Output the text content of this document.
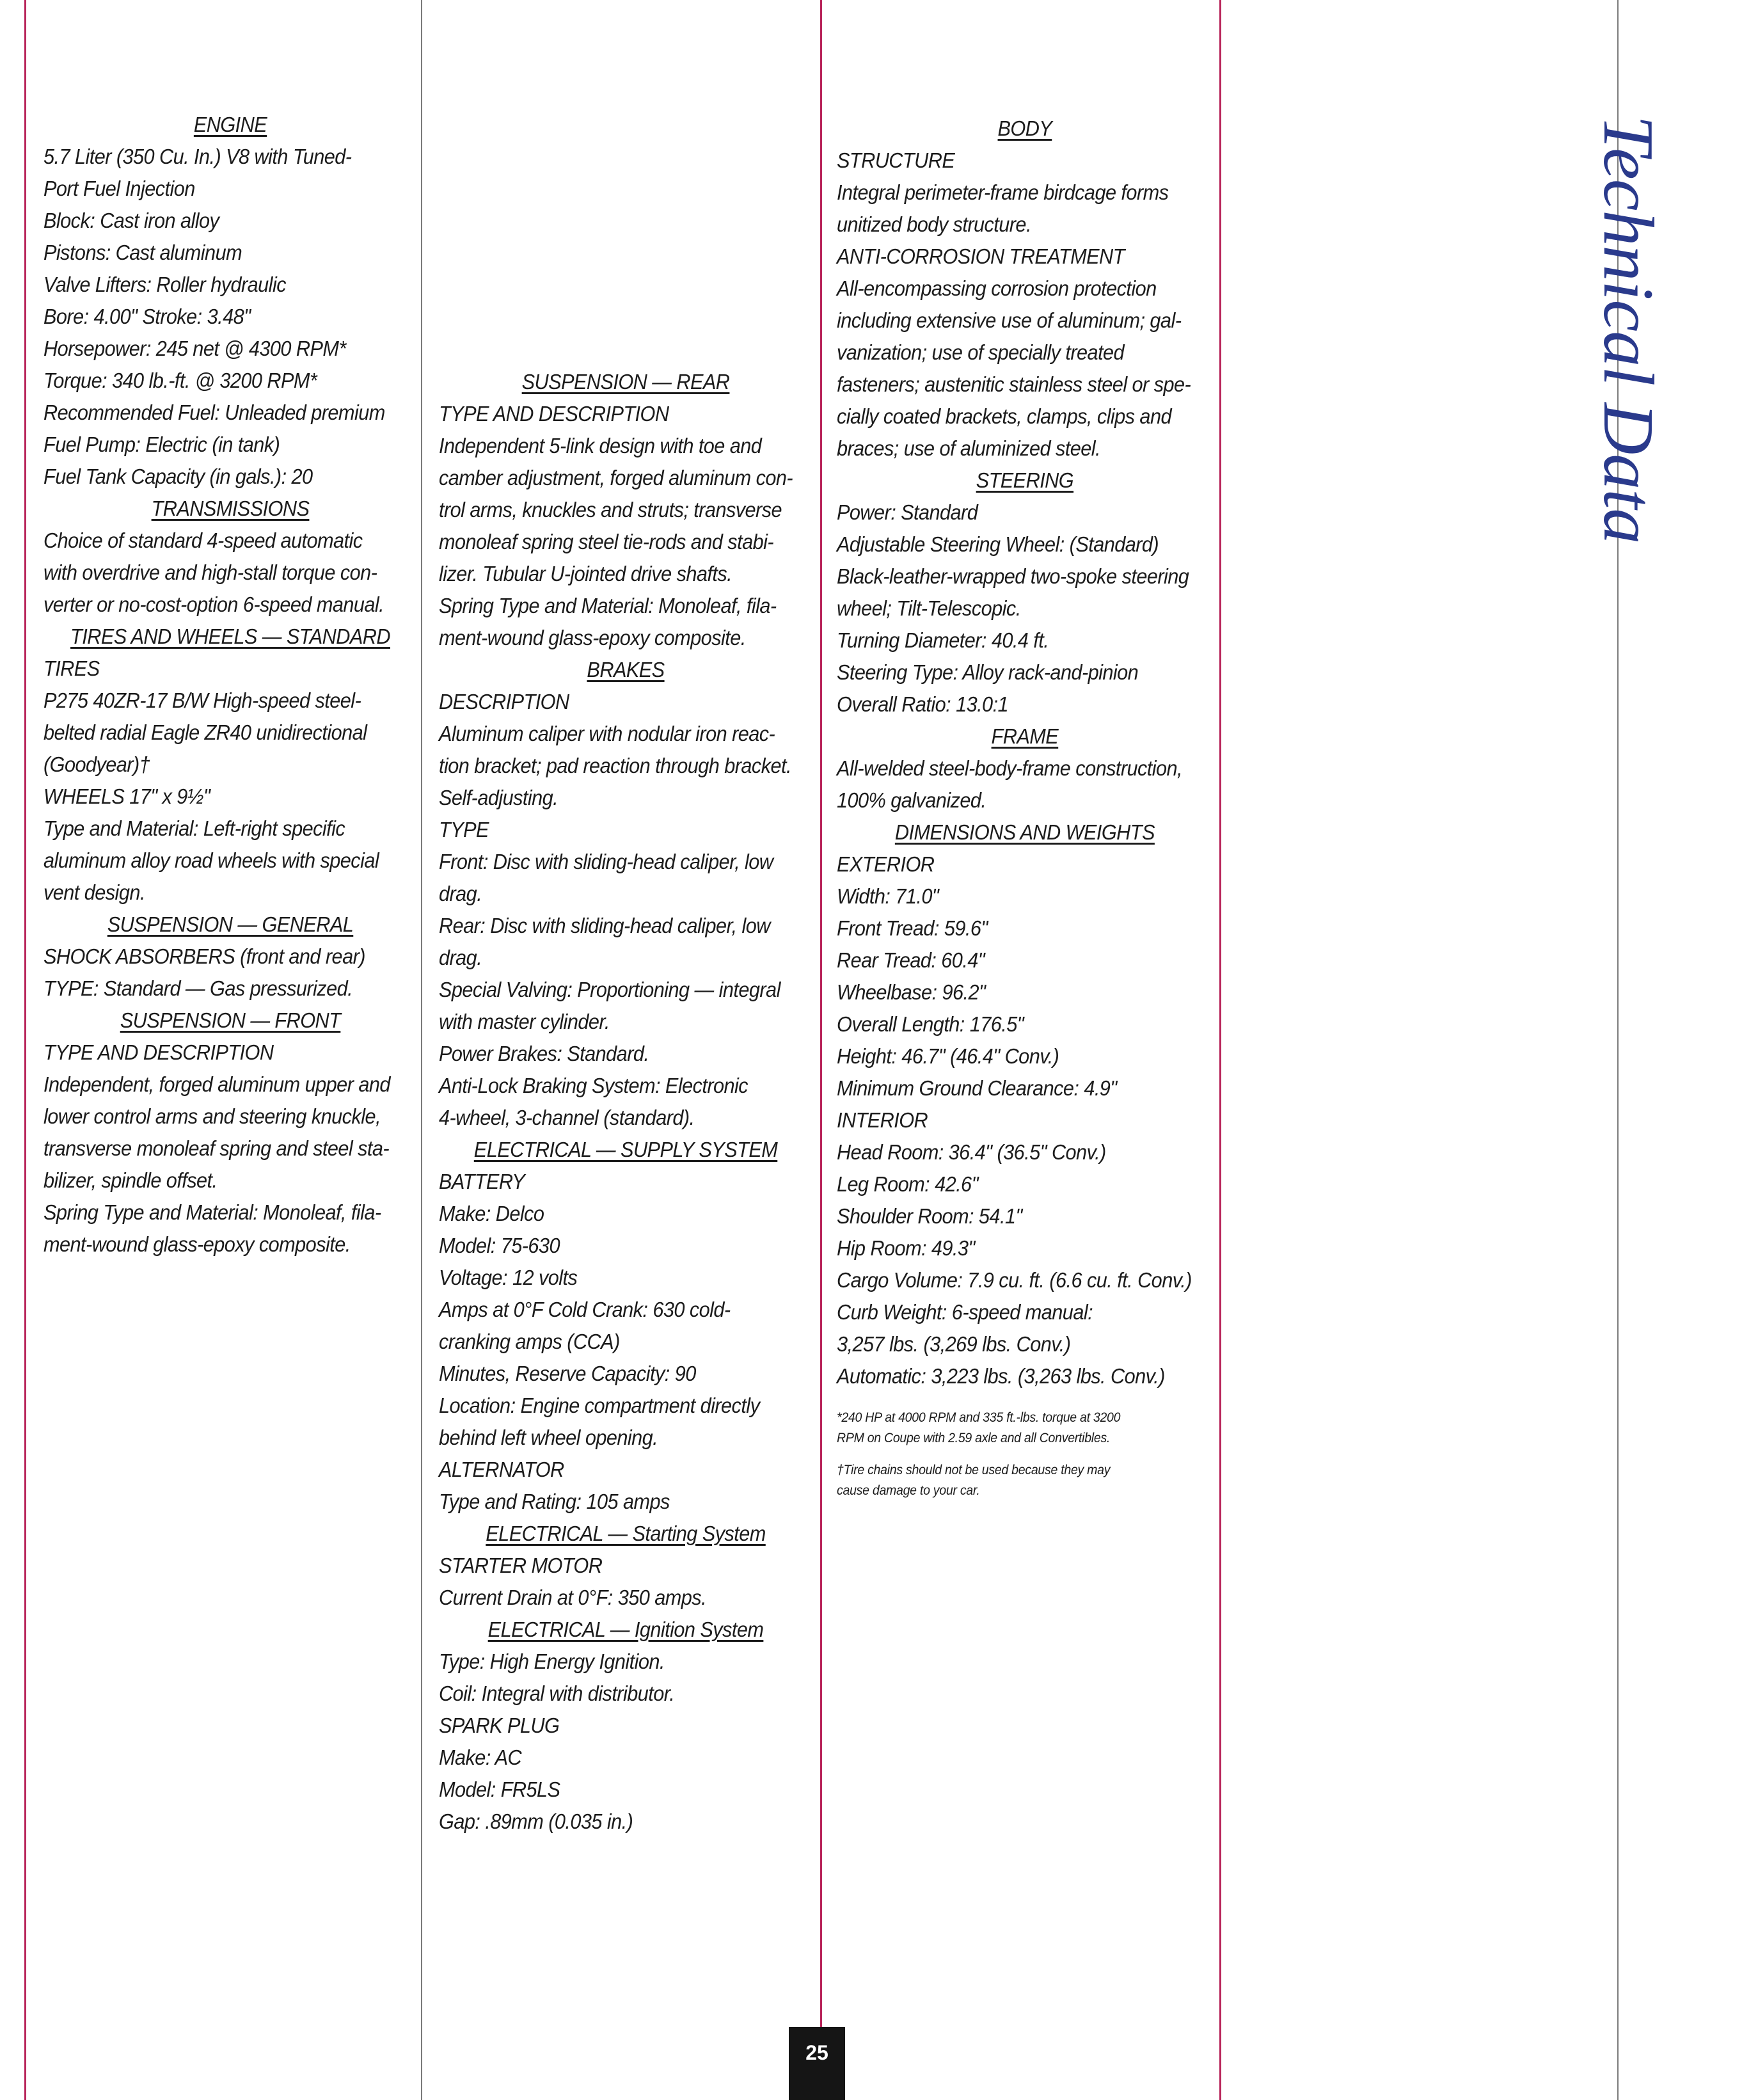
ENGINE
5.7 Liter (350 Cu. In.) V8 with Tuned-
Port Fuel Injection
Block: Cast iron alloy
Pistons: Cast aluminum
Valve Lifters: Roller hydraulic
Bore: 4.00" Stroke: 3.48"
Horsepower: 245 net @ 4300 RPM*
Torque: 340 lb.-ft. @ 3200 RPM*
Recommended Fuel: Unleaded premium
Fuel Pump: Electric (in tank)
Fuel Tank Capacity (in gals.): 20
TRANSMISSIONS
Choice of standard 4-speed automatic
with overdrive and high-stall torque con-
verter or no-cost-option 6-speed manual.
TIRES AND WHEELS — STANDARD
TIRES
P275 40ZR-17 B/W High-speed steel-
belted radial Eagle ZR40 unidirectional
(Goodyear)†
WHEELS 17" x 9½"
Type and Material: Left-right specific
aluminum alloy road wheels with special
vent design.
SUSPENSION — GENERAL
SHOCK ABSORBERS (front and rear)
TYPE: Standard — Gas pressurized.
SUSPENSION — FRONT
TYPE AND DESCRIPTION
Independent, forged aluminum upper and
lower control arms and steering knuckle,
transverse monoleaf spring and steel sta-
bilizer, spindle offset.
Spring Type and Material: Monoleaf, fila-
ment-wound glass-epoxy composite.
SUSPENSION — REAR
TYPE AND DESCRIPTION
Independent 5-link design with toe and
camber adjustment, forged aluminum con-
trol arms, knuckles and struts; transverse
monoleaf spring steel tie-rods and stabi-
lizer. Tubular U-jointed drive shafts.
Spring Type and Material: Monoleaf, fila-
ment-wound glass-epoxy composite.
BRAKES
DESCRIPTION
Aluminum caliper with nodular iron reac-
tion bracket; pad reaction through bracket.
Self-adjusting.
TYPE
Front: Disc with sliding-head caliper, low
drag.
Rear: Disc with sliding-head caliper, low
drag.
Special Valving: Proportioning — integral
with master cylinder.
Power Brakes: Standard.
Anti-Lock Braking System: Electronic
4-wheel, 3-channel (standard).
ELECTRICAL — SUPPLY SYSTEM
BATTERY
Make: Delco
Model: 75-630
Voltage: 12 volts
Amps at 0°F Cold Crank: 630 cold-
cranking amps (CCA)
Minutes, Reserve Capacity: 90
Location: Engine compartment directly
behind left wheel opening.
ALTERNATOR
Type and Rating: 105 amps
ELECTRICAL — Starting System
STARTER MOTOR
Current Drain at 0°F: 350 amps.
ELECTRICAL — Ignition System
Type: High Energy Ignition.
Coil: Integral with distributor.
SPARK PLUG
Make: AC
Model: FR5LS
Gap: .89mm (0.035 in.)
BODY
STRUCTURE
Integral perimeter-frame birdcage forms
unitized body structure.
ANTI-CORROSION TREATMENT
All-encompassing corrosion protection
including extensive use of aluminum; gal-
vanization; use of specially treated
fasteners; austenitic stainless steel or spe-
cially coated brackets, clamps, clips and
braces; use of aluminized steel.
STEERING
Power: Standard
Adjustable Steering Wheel: (Standard)
Black-leather-wrapped two-spoke steering
wheel; Tilt-Telescopic.
Turning Diameter: 40.4 ft.
Steering Type: Alloy rack-and-pinion
Overall Ratio: 13.0:1
FRAME
All-welded steel-body-frame construction,
100% galvanized.
DIMENSIONS AND WEIGHTS
EXTERIOR
Width: 71.0"
Front Tread: 59.6"
Rear Tread: 60.4"
Wheelbase: 96.2"
Overall Length: 176.5"
Height: 46.7" (46.4" Conv.)
Minimum Ground Clearance: 4.9"
INTERIOR
Head Room: 36.4" (36.5" Conv.)
Leg Room: 42.6"
Shoulder Room: 54.1"
Hip Room: 49.3"
Cargo Volume: 7.9 cu. ft. (6.6 cu. ft. Conv.)
Curb Weight: 6-speed manual:
3,257 lbs. (3,269 lbs. Conv.)
Automatic: 3,223 lbs. (3,263 lbs. Conv.)

*240 HP at 4000 RPM and 335 ft.-lbs. torque at 3200
RPM on Coupe with 2.59 axle and all Convertibles.

†Tire chains should not be used because they may
cause damage to your car.

Technical Data
25
